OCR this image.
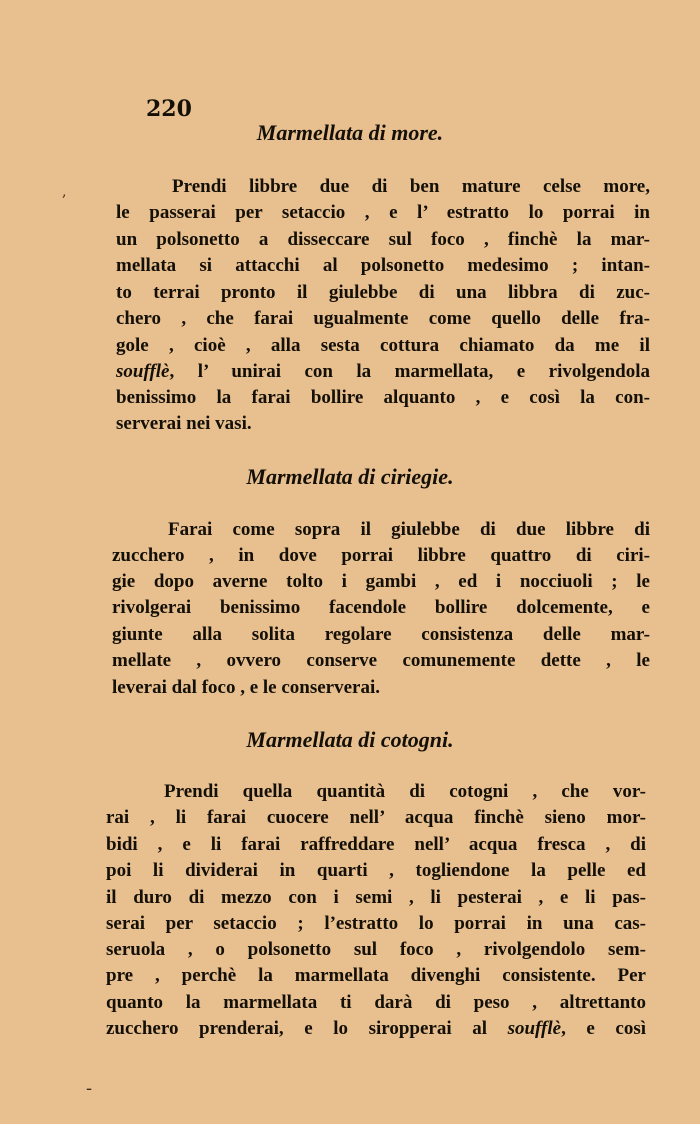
220
Marmellata di more.
Prendi libbre due di ben mature celse more,
le passerai per setaccio , e l’ estratto lo porrai in
un polsonetto a disseccare sul foco , finchè la mar-
mellata si attacchi al polsonetto medesimo ; intan-
to terrai pronto il giulebbe di una libbra di zuc-
chero , che farai ugualmente come quello delle fra-
gole , cioè , alla sesta cottura chiamato da me il
soufflè, l’ unirai con la marmellata, e rivolgendola
benissimo la farai bollire alquanto , e così la con-
serverai nei vasi.
Marmellata di ciriegie.
Farai come sopra il giulebbe di due libbre di
zucchero , in dove porrai libbre quattro di ciri-
gie dopo averne tolto i gambi , ed i nocciuoli ; le
rivolgerai benissimo facendole bollire dolcemente, e
giunte alla solita regolare consistenza delle mar-
mellate , ovvero conserve comunemente dette , le
leverai dal foco , e le conserverai.
Marmellata di cotogni.
Prendi quella quantità di cotogni , che vor-
rai , li farai cuocere nell’ acqua finchè sieno mor-
bidi , e li farai raffreddare nell’ acqua fresca , di
poi li dividerai in quarti , togliendone la pelle ed
il duro di mezzo con i semi , li pesterai , e li pas-
serai per setaccio ; l’estratto lo porrai in una cas-
seruola , o polsonetto sul foco , rivolgendolo sem-
pre , perchè la marmellata divenghi consistente. Per
quanto la marmellata ti darà di peso , altrettanto
zucchero prenderai, e lo siropperai al soufflè, e così
,
‐
